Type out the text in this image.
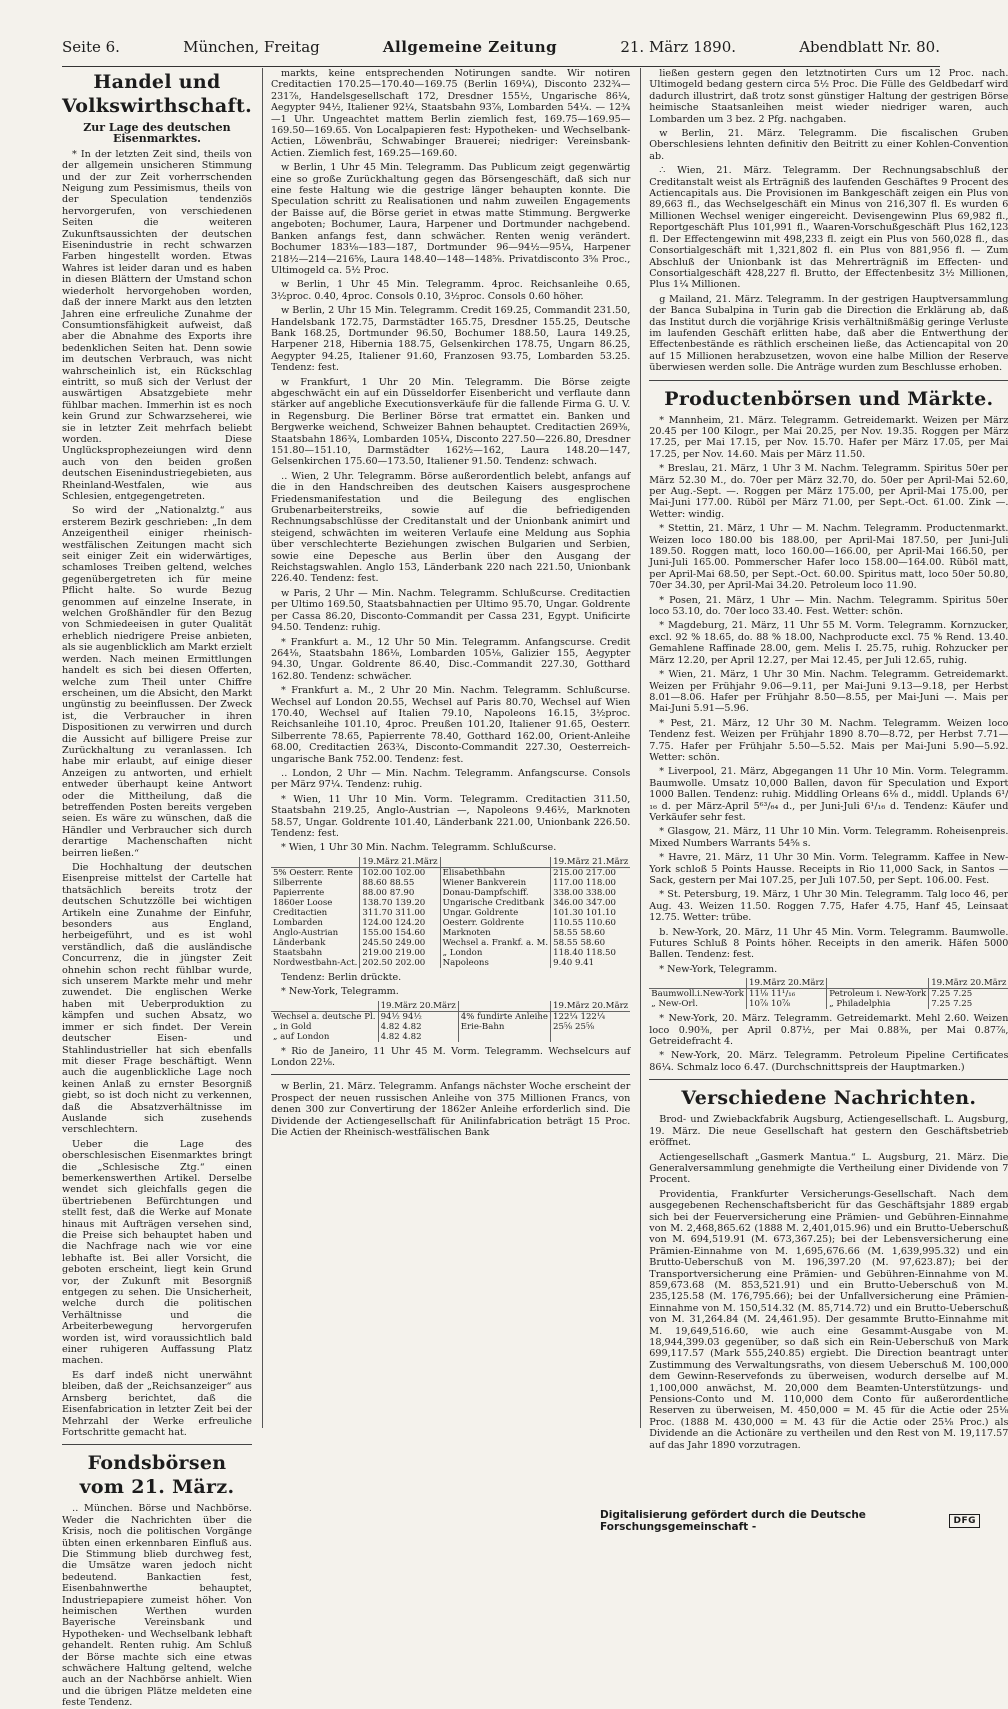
Seite 6.	München, Freitag	Allgemeine Zeitung	21. März 1890.	Abendblatt Nr. 80.
Handel und Volkswirthschaft.
Zur Lage des deutschen Eisenmarktes.

* In der letzten Zeit sind, theils von der allgemein unsicheren Stimmung und der zur Zeit vorherrschenden Neigung zum Pessimismus, theils von der Speculation tendenziös hervorgerufen, von verschiedenen Seiten die weiteren Zukunftsaussichten der deutschen Eisenindustrie in recht schwarzen Farben hingestellt worden. Etwas Wahres ist leider daran und es haben in diesen Blättern der Umstand schon wiederholt hervorgehoben worden, daß der innere Markt aus den letzten Jahren eine erfreuliche Zunahme der Consumtionsfähigkeit aufweist, daß aber die Abnahme des Exports ihre bedenklichen Seiten hat. Denn sowie im deutschen Verbrauch, was nicht wahrscheinlich ist, ein Rückschlag eintritt, so muß sich der Verlust der auswärtigen Absatzgebiete mehr fühlbar machen. Immerhin ist es noch kein Grund zur Schwarzseherei, wie sie in letzter Zeit mehrfach beliebt worden. Diese Unglücksprophezeiungen wird denn auch von den beiden großen deutschen Eisenindustriegebieten, aus Rheinland-Westfalen, wie aus Schlesien, entgegengetreten.

So wird der „Nationalztg.“ aus ersterem Bezirk geschrieben: „In dem Anzeigentheil einiger rheinisch-westfälischen Zeitungen macht sich seit einiger Zeit ein widerwärtiges, schamloses Treiben geltend, welches gegenübergetreten ich für meine Pflicht halte. So wurde Bezug genommen auf einzelne Inserate, in welchen Großhändler für den Bezug von Schmiedeeisen in guter Qualität erheblich niedrigere Preise anbieten, als sie augenblicklich am Markt erzielt werden. Nach meinen Ermittlungen handelt es sich bei diesen Offerten, welche zum Theil unter Chiffre erscheinen, um die Absicht, den Markt ungünstig zu beeinflussen. Der Zweck ist, die Verbraucher in ihren Dispositionen zu verwirren und durch die Aussicht auf billigere Preise zur Zurückhaltung zu veranlassen. Ich habe mir erlaubt, auf einige dieser Anzeigen zu antworten, und erhielt entweder überhaupt keine Antwort oder die Mittheilung, daß die betreffenden Posten bereits vergeben seien. Es wäre zu wünschen, daß die Händler und Verbraucher sich durch derartige Machenschaften nicht beirren ließen.“

Die Hochhaltung der deutschen Eisenpreise mittelst der Cartelle hat thatsächlich bereits trotz der deutschen Schutzzölle bei wichtigen Artikeln eine Zunahme der Einfuhr, besonders aus England, herbeigeführt, und es ist wohl verständlich, daß die ausländische Concurrenz, die in jüngster Zeit ohnehin schon recht fühlbar wurde, sich unserem Markte mehr und mehr zuwendet. Die englischen Werke haben mit Ueberproduktion zu kämpfen und suchen Absatz, wo immer er sich findet. Der Verein deutscher Eisen- und Stahlindustrieller hat sich ebenfalls mit dieser Frage beschäftigt. Wenn auch die augenblickliche Lage noch keinen Anlaß zu ernster Besorgniß giebt, so ist doch nicht zu verkennen, daß die Absatzverhältnisse im Auslande sich zusehends verschlechtern.

Ueber die Lage des oberschlesischen Eisenmarktes bringt die „Schlesische Ztg.“ einen bemerkenswerthen Artikel. Derselbe wendet sich gleichfalls gegen die übertriebenen Befürchtungen und stellt fest, daß die Werke auf Monate hinaus mit Aufträgen versehen sind, die Preise sich behauptet haben und die Nachfrage nach wie vor eine lebhafte ist. Bei aller Vorsicht, die geboten erscheint, liegt kein Grund vor, der Zukunft mit Besorgniß entgegen zu sehen. Die Unsicherheit, welche durch die politischen Verhältnisse und die Arbeiterbewegung hervorgerufen worden ist, wird voraussichtlich bald einer ruhigeren Auffassung Platz machen.

Es darf indeß nicht unerwähnt bleiben, daß der „Reichsanzeiger“ aus Arnsberg berichtet, daß die Eisenfabrication in letzter Zeit bei der Mehrzahl der Werke erfreuliche Fortschritte gemacht hat.

Fondsbörsen vom 21. März.

‥ München. Börse und Nachbörse. Weder die Nachrichten über die Krisis, noch die politischen Vorgänge übten einen erkennbaren Einfluß aus. Die Stimmung blieb durchweg fest, die Umsätze waren jedoch nicht bedeutend. Bankactien fest, Eisenbahnwerthe behauptet, Industriepapiere zumeist höher. Von heimischen Werthen wurden Bayerische Vereinsbank und Hypotheken- und Wechselbank lebhaft gehandelt. Renten ruhig. Am Schluß der Börse machte sich eine etwas schwächere Haltung geltend, welche auch an der Nachbörse anhielt. Wien und die übrigen Plätze meldeten eine feste Tendenz.

markts, keine entsprechenden Notirungen sandte. Wir notiren Creditactien 170.25—170.40—169.75 (Berlin 169¼), Disconto 232¾—231⅞, Handelsgesellschaft 172, Dresdner 155½, Ungarische 86¼, Aegypter 94½, Italiener 92¼, Staatsbahn 93⅞, Lombarden 54¼. — 12¾—1 Uhr. Ungeachtet mattem Berlin ziemlich fest, 169.75—169.95—169.50—169.65. Von Localpapieren fest: Hypotheken- und Wechselbank-Actien, Löwenbräu, Schwabinger Brauerei; niedriger: Vereinsbank-Actien. Ziemlich fest, 169.25—169.60.

w Berlin, 1 Uhr 45 Min. Telegramm. Das Publicum zeigt gegenwärtig eine so große Zurückhaltung gegen das Börsengeschäft, daß sich nur eine feste Haltung wie die gestrige länger behaupten konnte. Die Speculation schritt zu Realisationen und nahm zuweilen Engagements der Baisse auf, die Börse geriet in etwas matte Stimmung. Bergwerke angeboten; Bochumer, Laura, Harpener und Dortmunder nachgebend. Banken anfangs fest, dann schwächer. Renten wenig verändert. Bochumer 183⅛—183—187, Dortmunder 96—94½—95¼, Harpener 218½—214—216⅝, Laura 148.40—148—148⅝. Privatdisconto 3⅝ Proc., Ultimogeld ca. 5½ Proc.

w Berlin, 1 Uhr 45 Min. Telegramm. 4proc. Reichsanleihe 0.65, 3½proc. 0.40, 4proc. Consols 0.10, 3½proc. Consols 0.60 höher.

w Berlin, 2 Uhr 15 Min. Telegramm. Credit 169.25, Commandit 231.50, Handelsbank 172.75, Darmstädter 165.75, Dresdner 155.25, Deutsche Bank 168.25, Dortmunder 96.50, Bochumer 188.50, Laura 149.25, Harpener 218, Hibernia 188.75, Gelsenkirchen 178.75, Ungarn 86.25, Aegypter 94.25, Italiener 91.60, Franzosen 93.75, Lombarden 53.25. Tendenz: fest.

w Frankfurt, 1 Uhr 20 Min. Telegramm. Die Börse zeigte abgeschwächt ein auf ein Düsseldorfer Eisenbericht und verflaute dann stärker auf angebliche Executionsverkäufe für die fallende Firma G. U. V. in Regensburg. Die Berliner Börse trat ermattet ein. Banken und Bergwerke weichend, Schweizer Bahnen behauptet. Creditactien 269⅜, Staatsbahn 186¾, Lombarden 105¼, Disconto 227.50—226.80, Dresdner 151.80—151.10, Darmstädter 162½—162, Laura 148.20—147, Gelsenkirchen 175.60—173.50, Italiener 91.50. Tendenz: schwach.

‥ Wien, 2 Uhr. Telegramm. Börse außerordentlich belebt, anfangs auf die in den Handschreiben des deutschen Kaisers ausgesprochene Friedensmanifestation und die Beilegung des englischen Grubenarbeiterstreiks, sowie auf die befriedigenden Rechnungsabschlüsse der Creditanstalt und der Unionbank animirt und steigend, schwächten im weiteren Verlaufe eine Meldung aus Sophia über verschlechterte Beziehungen zwischen Bulgarien und Serbien, sowie eine Depesche aus Berlin über den Ausgang der Reichstagswahlen. Anglo 153, Länderbank 220 nach 221.50, Unionbank 226.40. Tendenz: fest.

w Paris, 2 Uhr — Min. Nachm. Telegramm. Schlußcurse. Creditactien per Ultimo 169.50, Staatsbahnactien per Ultimo 95.70, Ungar. Goldrente per Cassa 86.20, Disconto-Commandit per Cassa 231, Egypt. Unificirte 94.50. Tendenz: ruhig.

* Frankfurt a. M., 12 Uhr 50 Min. Telegramm. Anfangscurse. Credit 264⅛, Staatsbahn 186⅛, Lombarden 105⅛, Galizier 155, Aegypter 94.30, Ungar. Goldrente 86.40, Disc.-Commandit 227.30, Gotthard 162.80. Tendenz: schwächer.

* Frankfurt a. M., 2 Uhr 20 Min. Nachm. Telegramm. Schlußcurse. Wechsel auf London 20.55, Wechsel auf Paris 80.70, Wechsel auf Wien 170.40, Wechsel auf Italien 79.10, Napoleons 16.15, 3½proc. Reichsanleihe 101.10, 4proc. Preußen 101.20, Italiener 91.65, Oesterr. Silberrente 78.65, Papierrente 78.40, Gotthard 162.00, Orient-Anleihe 68.00, Creditactien 263¾, Disconto-Commandit 227.30, Oesterreich-ungarische Bank 752.00. Tendenz: fest.

‥ London, 2 Uhr — Min. Nachm. Telegramm. Anfangscurse. Consols per März 97¼. Tendenz: ruhig.

* Wien, 11 Uhr 10 Min. Vorm. Telegramm. Creditactien 311.50, Staatsbahn 219.25, Anglo-Austrian —, Napoleons 9.46½, Marknoten 58.57, Ungar. Goldrente 101.40, Länderbank 221.00, Unionbank 226.50. Tendenz: fest.

* Wien, 1 Uhr 30 Min. Nachm. Telegramm. Schlußcurse.

	19.März 21.März		19.März 21.März
5% Oesterr. Rente	102.00 102.00	Elisabethbahn	215.00 217.00
Silberrente	88.60 88.55	Wiener Bankverein	117.00 118.00
Papierrente	88.00 87.90	Donau-Dampfschiff.	338.00 338.00
1860er Loose	138.70 139.20	Ungarische Creditbank	346.00 347.00
Creditactien	311.70 311.00	Ungar. Goldrente	101.30 101.10
Lombarden	124.00 124.20	Oesterr. Goldrente	110.55 110.60
Anglo-Austrian	155.00 154.60	Marknoten	58.55 58.60
Länderbank	245.50 249.00	Wechsel a. Frankf. a. M.	58.55 58.60
Staatsbahn	219.00 219.00	„ London	118.40 118.50
Nordwestbahn-Act.	202.50 202.00	Napoleons	9.40 9.41

Tendenz: Berlin drückte.

* New-York, Telegramm.

	19.März 20.März		19.März 20.März
Wechsel a. deutsche Pl.	94½ 94½	4% fundirte Anleihe	122¼ 122¼
„ in Gold	4.82 4.82	Erie-Bahn	25⅝ 25⅝
„ auf London	4.82 4.82		

* Rio de Janeiro, 11 Uhr 45 M. Vorm. Telegramm. Wechselcurs auf London 22⅛.

w Berlin, 21. März. Telegramm. Anfangs nächster Woche erscheint der Prospect der neuen russischen Anleihe von 375 Millionen Francs, von denen 300 zur Convertirung der 1862er Anleihe erforderlich sind. Die Dividende der Actiengesellschaft für Anilinfabrication beträgt 15 Proc. Die Actien der Rheinisch-westfälischen Bank

ließen gestern gegen den letztnotirten Curs um 12 Proc. nach. Ultimogeld bedang gestern circa 5½ Proc. Die Fülle des Geldbedarf wird dadurch illustrirt, daß trotz sonst günstiger Haltung der gestrigen Börse heimische Staatsanleihen meist wieder niedriger waren, auch Lombarden um 3 bez. 2 Pfg. nachgaben.

w Berlin, 21. März. Telegramm. Die fiscalischen Gruben Oberschlesiens lehnten definitiv den Beitritt zu einer Kohlen-Convention ab.

∴ Wien, 21. März. Telegramm. Der Rechnungsabschluß der Creditanstalt weist als Erträgniß des laufenden Geschäftes 9 Procent des Actiencapitals aus. Die Provisionen im Bankgeschäft zeigen ein Plus von 89,663 fl., das Wechselgeschäft ein Minus von 216,307 fl. Es wurden 6 Millionen Wechsel weniger eingereicht. Devisengewinn Plus 69,982 fl., Reportgeschäft Plus 101,991 fl., Waaren-Vorschußgeschäft Plus 162,123 fl. Der Effectengewinn mit 498,233 fl. zeigt ein Plus von 560,028 fl., das Consortialgeschäft mit 1,321,802 fl. ein Plus von 881,956 fl. — Zum Abschluß der Unionbank ist das Mehrerträgniß im Effecten- und Consortialgeschäft 428,227 fl. Brutto, der Effectenbesitz 3½ Millionen, Plus 1¼ Millionen.

g Mailand, 21. März. Telegramm. In der gestrigen Hauptversammlung der Banca Subalpina in Turin gab die Direction die Erklärung ab, daß das Institut durch die vorjährige Krisis verhältnißmäßig geringe Verluste im laufenden Geschäft erlitten habe, daß aber die Entwerthung der Effectenbestände es räthlich erscheinen ließe, das Actiencapital von 20 auf 15 Millionen herabzusetzen, wovon eine halbe Million der Reserve überwiesen werden solle. Die Anträge wurden zum Beschlusse erhoben.

Productenbörsen und Märkte.

* Mannheim, 21. März. Telegramm. Getreidemarkt. Weizen per März 20.45 per 100 Kilogr., per Mai 20.25, per Nov. 19.35. Roggen per März 17.25, per Mai 17.15, per Nov. 15.70. Hafer per März 17.05, per Mai 17.25, per Nov. 14.60. Mais per März 11.50.

* Breslau, 21. März, 1 Uhr 3 M. Nachm. Telegramm. Spiritus 50er per März 52.30 M., do. 70er per März 32.70, do. 50er per April-Mai 52.60, per Aug.-Sept. —. Roggen per März 175.00, per April-Mai 175.00, per Mai-Juni 177.00. Rüböl per März 71.00, per Sept.-Oct. 61.00. Zink —. Wetter: windig.

* Stettin, 21. März, 1 Uhr — M. Nachm. Telegramm. Productenmarkt. Weizen loco 180.00 bis 188.00, per April-Mai 187.50, per Juni-Juli 189.50. Roggen matt, loco 160.00—166.00, per April-Mai 166.50, per Juni-Juli 165.00. Pommerscher Hafer loco 158.00—164.00. Rüböl matt, per April-Mai 68.50, per Sept.-Oct. 60.00. Spiritus matt, loco 50er 50.80, 70er 34.30, per April-Mai 34.20. Petroleum loco 11.90.

* Posen, 21. März, 1 Uhr — Min. Nachm. Telegramm. Spiritus 50er loco 53.10, do. 70er loco 33.40. Fest. Wetter: schön.

* Magdeburg, 21. März, 11 Uhr 55 M. Vorm. Telegramm. Kornzucker, excl. 92 % 18.65, do. 88 % 18.00, Nachproducte excl. 75 % Rend. 13.40. Gemahlene Raffinade 28.00, gem. Melis I. 25.75, ruhig. Rohzucker per März 12.20, per April 12.27, per Mai 12.45, per Juli 12.65, ruhig.

* Wien, 21. März, 1 Uhr 30 Min. Nachm. Telegramm. Getreidemarkt. Weizen per Frühjahr 9.06—9.11, per Mai-Juni 9.13—9.18, per Herbst 8.01—8.06. Hafer per Frühjahr 8.50—8.55, per Mai-Juni —. Mais per Mai-Juni 5.91—5.96.

* Pest, 21. März, 12 Uhr 30 M. Nachm. Telegramm. Weizen loco Tendenz fest. Weizen per Frühjahr 1890 8.70—8.72, per Herbst 7.71—7.75. Hafer per Frühjahr 5.50—5.52. Mais per Mai-Juni 5.90—5.92. Wetter: schön.

* Liverpool, 21. März, Abgegangen 11 Uhr 10 Min. Vorm. Telegramm. Baumwolle. Umsatz 10,000 Ballen, davon für Speculation und Export 1000 Ballen. Tendenz: ruhig. Middling Orleans 6⅛ d., middl. Uplands 6¹/₁₆ d. per März-April 5⁶³/₆₄ d., per Juni-Juli 6¹/₁₆ d. Tendenz: Käufer und Verkäufer sehr fest.

* Glasgow, 21. März, 11 Uhr 10 Min. Vorm. Telegramm. Roheisenpreis. Mixed Numbers Warrants 54⅝ s.

* Havre, 21. März, 11 Uhr 30 Min. Vorm. Telegramm. Kaffee in New-York schloß 5 Points Hausse. Receipts in Rio 11,000 Sack, in Santos — Sack, gestern per Mai 107.25, per Juli 107.50, per Sept. 106.00. Fest.

* St. Petersburg, 19. März, 1 Uhr 30 Min. Telegramm. Talg loco 46, per Aug. 43. Weizen 11.50. Roggen 7.75, Hafer 4.75, Hanf 45, Leinsaat 12.75. Wetter: trübe.

b. New-York, 20. März, 11 Uhr 45 Min. Vorm. Telegramm. Baumwolle. Futures Schluß 8 Points höher. Receipts in den amerik. Häfen 5000 Ballen. Tendenz: fest.

* New-York, Telegramm.

	19.März 20.März		19.März 20.März
Baumwoll.i.New-York	11⅛ 11¹/₁₆	Petroleum i. New-York	7.25 7.25
„ New-Orl.	10⅞ 10⅞	„ Philadelphia	7.25 7.25

* New-York, 20. März. Telegramm. Getreidemarkt. Mehl 2.60. Weizen loco 0.90⅜, per April 0.87½, per Mai 0.88⅜, per Mai 0.87⅞, Getreidefracht 4.

* New-York, 20. März. Telegramm. Petroleum Pipeline Certificates 86¼. Schmalz loco 6.47. (Durchschnittspreis der Hauptmarken.)

Verschiedene Nachrichten.

Brod- und Zwiebackfabrik Augsburg, Actiengesellschaft. L. Augsburg, 19. März. Die neue Gesellschaft hat gestern den Geschäftsbetrieb eröffnet.

Actiengesellschaft „Gasmerk Mantua.“ L. Augsburg, 21. März. Die Generalversammlung genehmigte die Vertheilung einer Dividende von 7 Procent.

Providentia, Frankfurter Versicherungs-Gesellschaft. Nach dem ausgegebenen Rechenschaftsbericht für das Geschäftsjahr 1889 ergab sich bei der Feuerversicherung eine Prämien- und Gebühren-Einnahme von M. 2,468,865.62 (1888 M. 2,401,015.96) und ein Brutto-Ueberschuß von M. 694,519.91 (M. 673,367.25); bei der Lebensversicherung eine Prämien-Einnahme von M. 1,695,676.66 (M. 1,639,995.32) und ein Brutto-Ueberschuß von M. 196,397.20 (M. 97,623.87); bei der Transportversicherung eine Prämien- und Gebühren-Einnahme von M. 859,673.68 (M. 853,521.91) und ein Brutto-Ueberschuß von M. 235,125.58 (M. 176,795.66); bei der Unfallversicherung eine Prämien-Einnahme von M. 150,514.32 (M. 85,714.72) und ein Brutto-Ueberschuß von M. 31,264.84 (M. 24,461.95). Der gesammte Brutto-Einnahme mit M. 19,649,516.60, wie auch eine Gesammt-Ausgabe von M. 18,944,399.03 gegenüber, so daß sich ein Rein-Ueberschuß von Mark 699,117.57 (Mark 555,240.85) ergiebt. Die Direction beantragt unter Zustimmung des Verwaltungsraths, von diesem Ueberschuß M. 100,000 dem Gewinn-Reservefonds zu überweisen, wodurch derselbe auf M. 1,100,000 anwächst, M. 20,000 dem Beamten-Unterstützungs- und Pensions-Conto und M. 110,000 dem Conto für außerordentliche Reserven zu überweisen, M. 450,000 = M. 45 für die Actie oder 25⅛ Proc. (1888 M. 430,000 = M. 43 für die Actie oder 25⅛ Proc.) als Dividende an die Actionäre zu vertheilen und den Rest von M. 19,117.57 auf das Jahr 1890 vorzutragen.

Digitalisierung gefördert durch die Deutsche Forschungsgemeinschaft -	DFG
